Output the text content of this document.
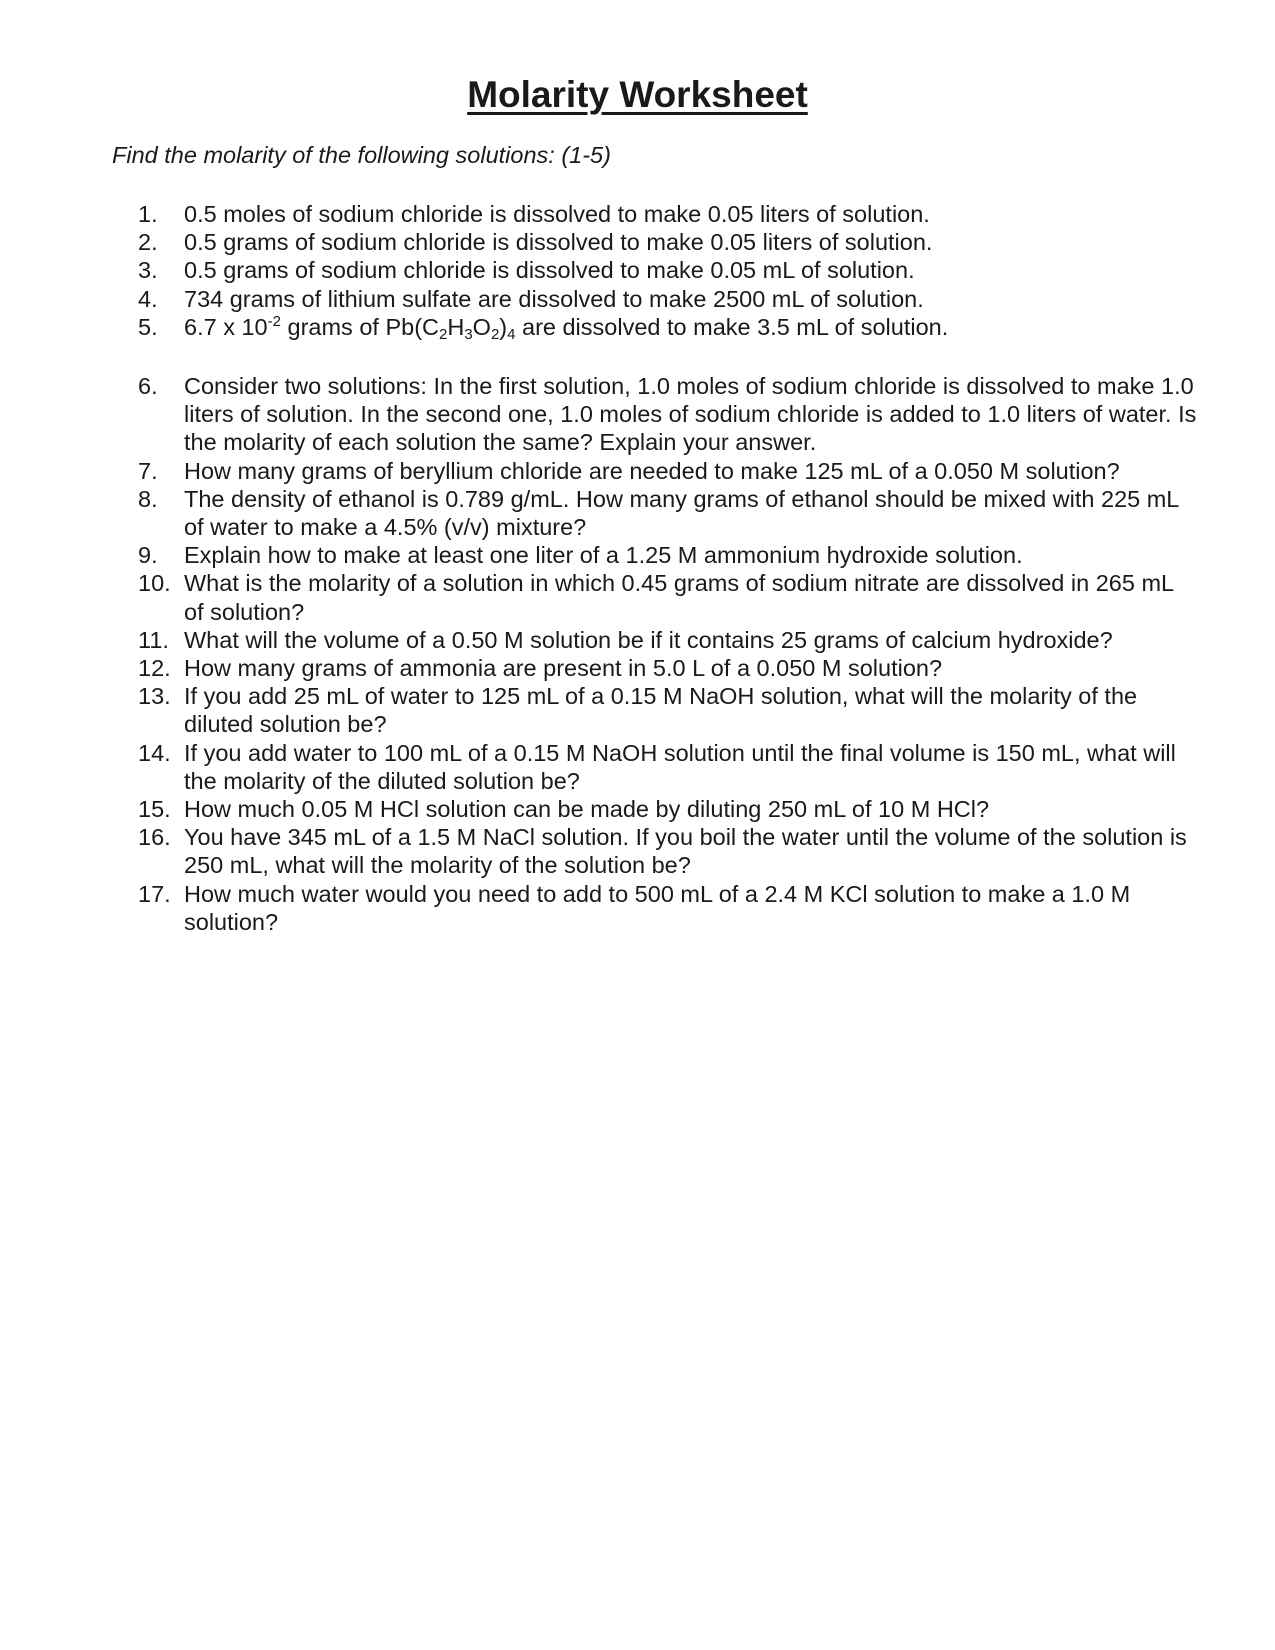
Molarity Worksheet

Find the molarity of the following solutions: (1-5)

1.	0.5 moles of sodium chloride is dissolved to make 0.05 liters of solution.
2.	0.5 grams of sodium chloride is dissolved to make 0.05 liters of solution.
3.	0.5 grams of sodium chloride is dissolved to make 0.05 mL of solution.
4.	734 grams of lithium sulfate are dissolved to make 2500 mL of solution.
5.	6.7 x $10^{-2}$ grams of $Pb(C_2H_3O_2)_4$ are dissolved to make 3.5 mL of solution.
6.	Consider two solutions: In the first solution, 1.0 moles of sodium chloride is dissolved to make 1.0 liters of solution. In the second one, 1.0 moles of sodium chloride is added to 1.0 liters of water. Is the molarity of each solution the same? Explain your answer.
7.	How many grams of beryllium chloride are needed to make 125 mL of a 0.050 M solution?
8.	The density of ethanol is 0.789 g/mL. How many grams of ethanol should be mixed with 225 mL of water to make a 4.5% (v/v) mixture?
9.	Explain how to make at least one liter of a 1.25 M ammonium hydroxide solution.
10. What is the molarity of a solution in which 0.45 grams of sodium nitrate are dissolved in 265 mL of solution?
11. What will the volume of a 0.50 M solution be if it contains 25 grams of calcium hydroxide?
12. How many grams of ammonia are present in 5.0 L of a 0.050 M solution?
13. If you add 25 mL of water to 125 mL of a 0.15 M NaOH solution, what will the molarity of the diluted solution be?
14. If you add water to 100 mL of a 0.15 M NaOH solution until the final volume is 150 mL, what will the molarity of the diluted solution be?
15. How much 0.05 M HCl solution can be made by diluting 250 mL of 10 M HCl?
16. You have 345 mL of a 1.5 M NaCl solution. If you boil the water until the volume of the solution is 250 mL, what will the molarity of the solution be?
17. How much water would you need to add to 500 mL of a 2.4 M KCl solution to make a 1.0 M solution?
